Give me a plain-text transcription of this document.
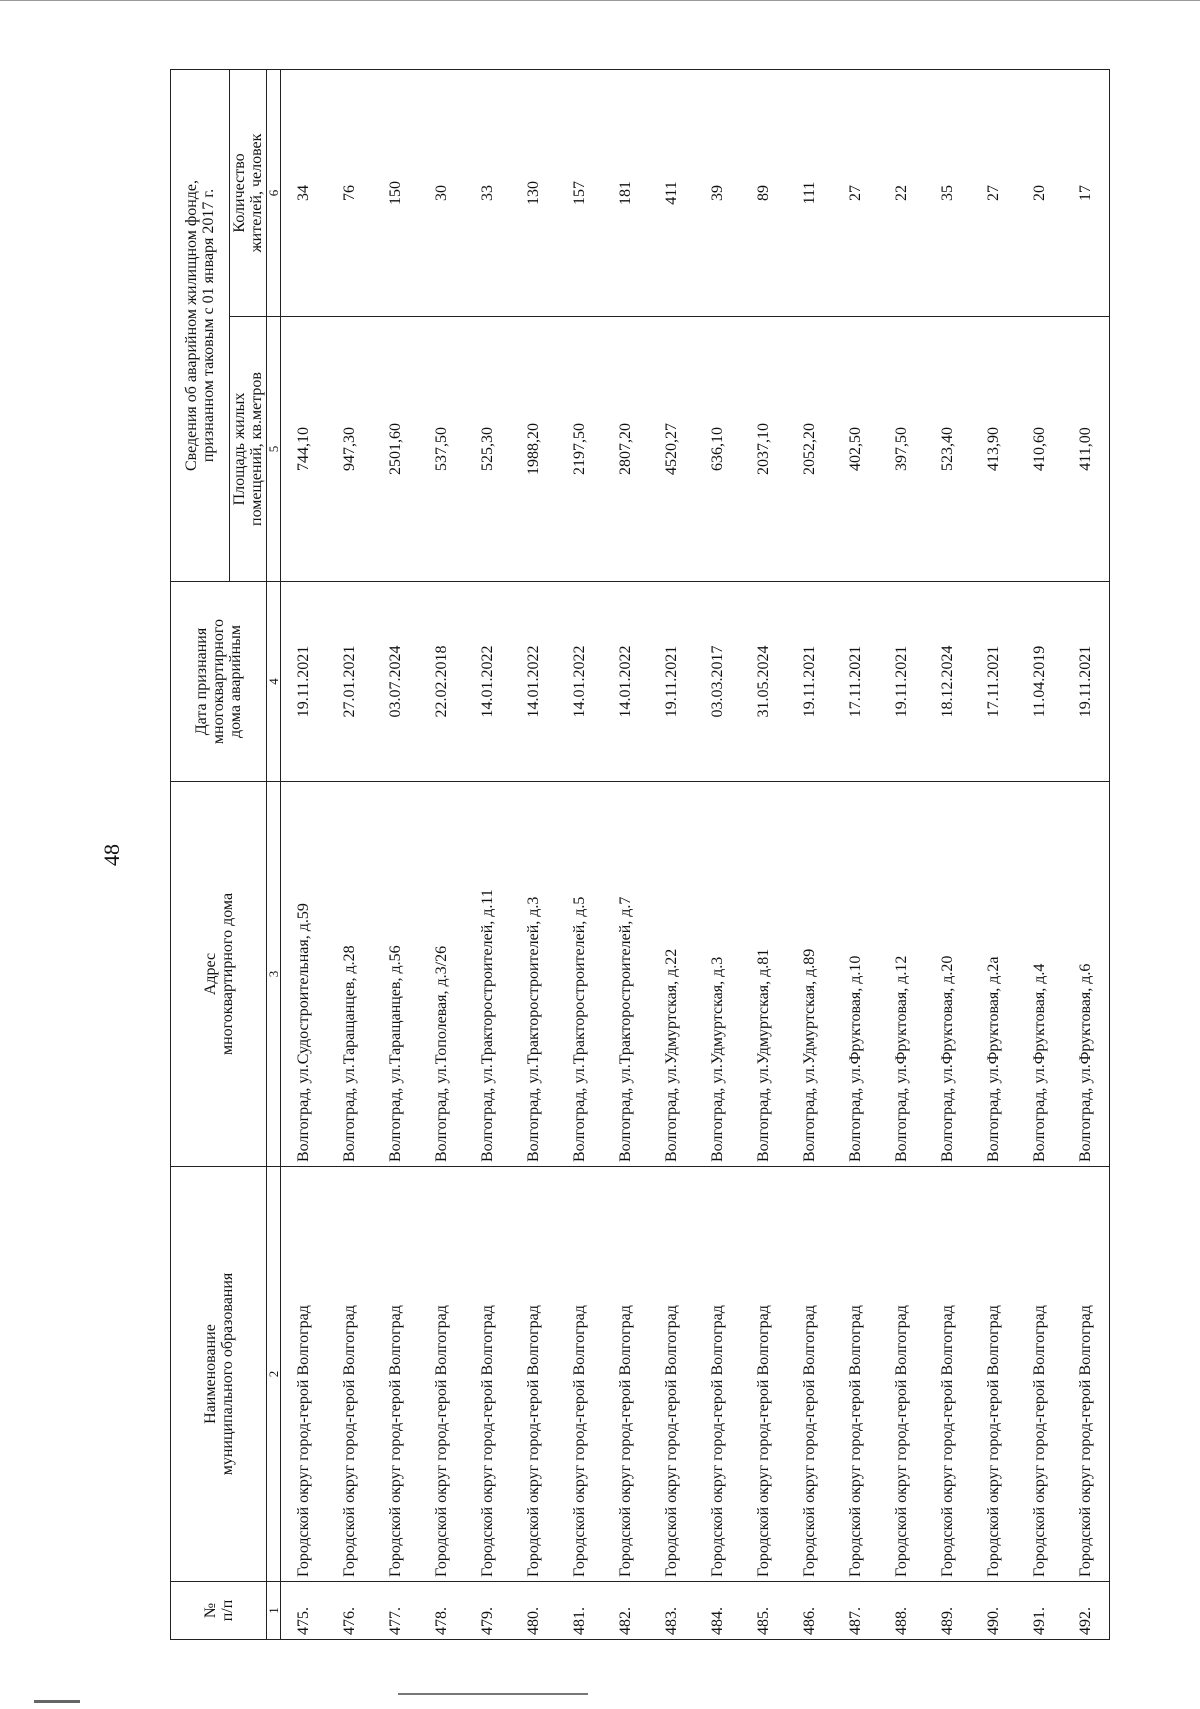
48
№
п/п	Наименование
муниципального образования	Адрес
многоквартирного дома	Дата признания
многоквартирного
дома аварийным	Сведения об аварийном жилищном фонде,
признанном таковым с 01 января 2017 г.	
				Площадь жилых
помещений, кв.метров	Количество
жителей, человек
1	2	3	4	5	6
475.	Городской округ город-герой Волгоград	Волгоград, ул.Судостроительная, д.59	19.11.2021	744,10	34
476.	Городской округ город-герой Волгоград	Волгоград, ул.Таращанцев, д.28	27.01.2021	947,30	76
477.	Городской округ город-герой Волгоград	Волгоград, ул.Таращанцев, д.56	03.07.2024	2501,60	150
478.	Городской округ город-герой Волгоград	Волгоград, ул.Тополевая, д.3/26	22.02.2018	537,50	30
479.	Городской округ город-герой Волгоград	Волгоград, ул.Тракторостроителей, д.11	14.01.2022	525,30	33
480.	Городской округ город-герой Волгоград	Волгоград, ул.Тракторостроителей, д.3	14.01.2022	1988,20	130
481.	Городской округ город-герой Волгоград	Волгоград, ул.Тракторостроителей, д.5	14.01.2022	2197,50	157
482.	Городской округ город-герой Волгоград	Волгоград, ул.Тракторостроителей, д.7	14.01.2022	2807,20	181
483.	Городской округ город-герой Волгоград	Волгоград, ул.Удмуртская, д.22	19.11.2021	4520,27	411
484.	Городской округ город-герой Волгоград	Волгоград, ул.Удмуртская, д.3	03.03.2017	636,10	39
485.	Городской округ город-герой Волгоград	Волгоград, ул.Удмуртская, д.81	31.05.2024	2037,10	89
486.	Городской округ город-герой Волгоград	Волгоград, ул.Удмуртская, д.89	19.11.2021	2052,20	111
487.	Городской округ город-герой Волгоград	Волгоград, ул.Фруктовая, д.10	17.11.2021	402,50	27
488.	Городской округ город-герой Волгоград	Волгоград, ул.Фруктовая, д.12	19.11.2021	397,50	22
489.	Городской округ город-герой Волгоград	Волгоград, ул.Фруктовая, д.20	18.12.2024	523,40	35
490.	Городской округ город-герой Волгоград	Волгоград, ул.Фруктовая, д.2а	17.11.2021	413,90	27
491.	Городской округ город-герой Волгоград	Волгоград, ул.Фруктовая, д.4	11.04.2019	410,60	20
492.	Городской округ город-герой Волгоград	Волгоград, ул.Фруктовая, д.6	19.11.2021	411,00	17
